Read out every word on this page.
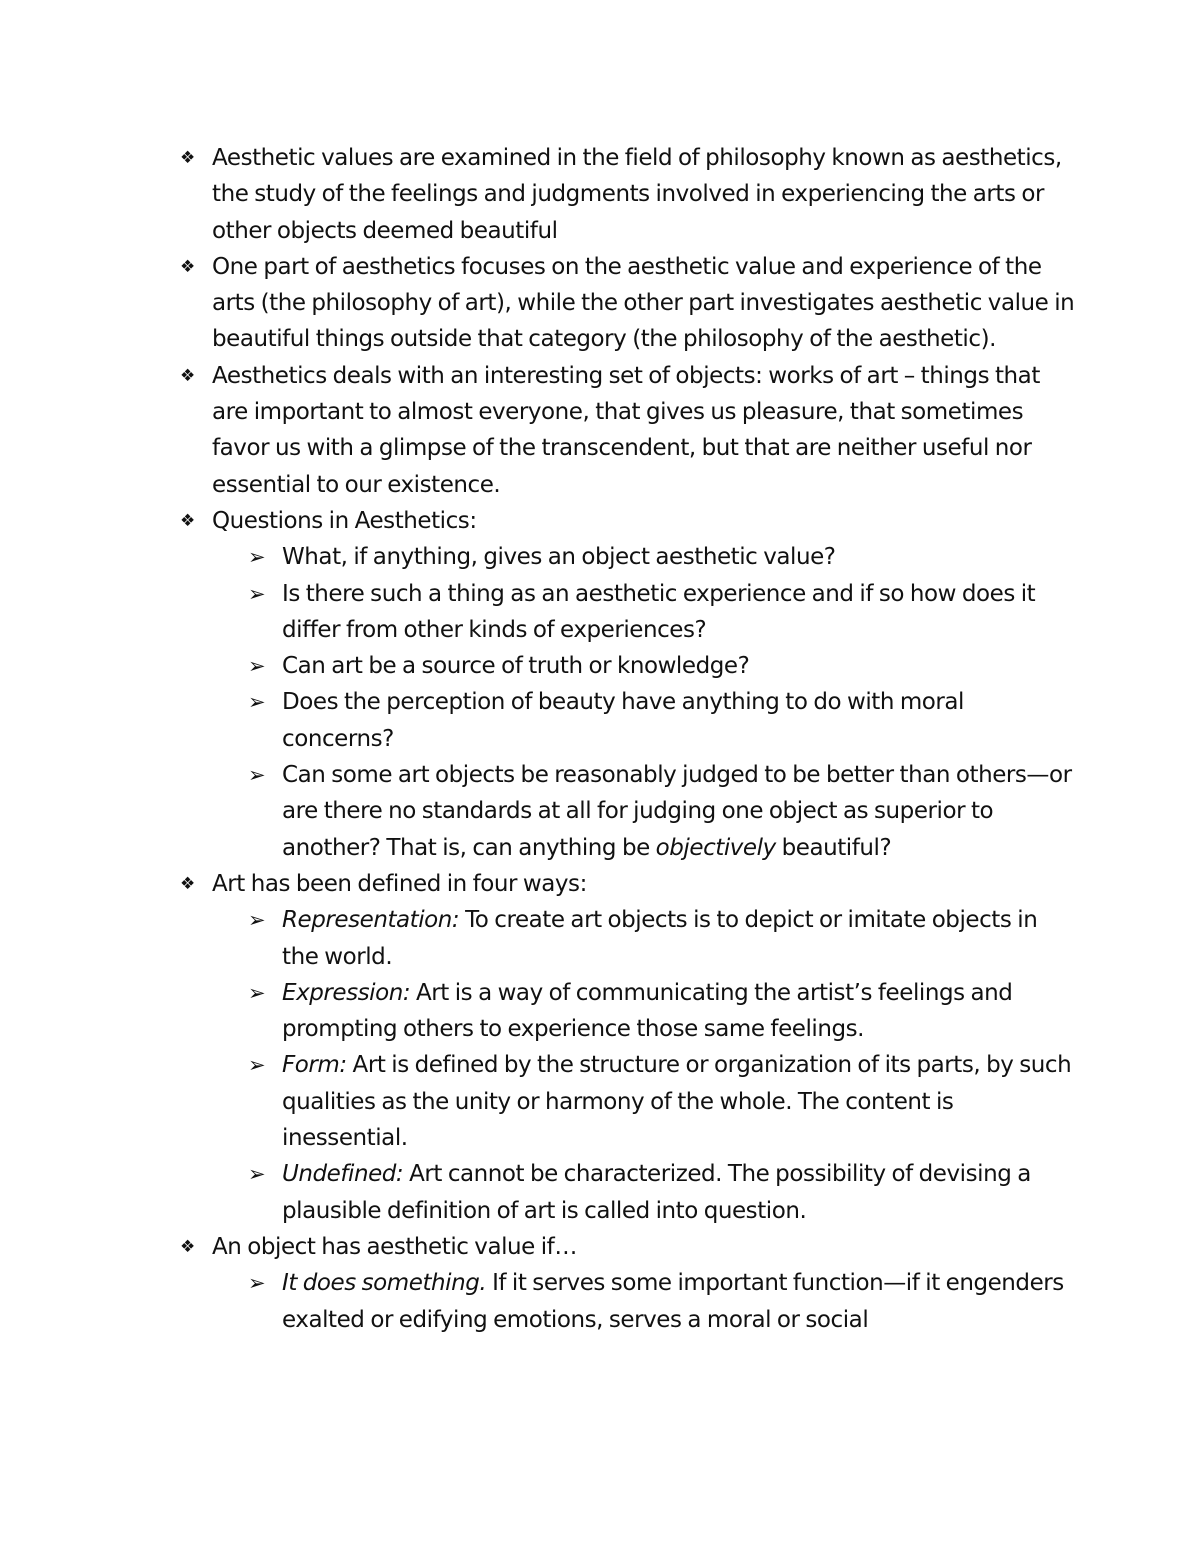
❖ Aesthetic values are examined in the field of philosophy known as aesthetics, the study of the feelings and judgments involved in experiencing the arts or other objects deemed beautiful
❖ One part of aesthetics focuses on the aesthetic value and experience of the arts (the philosophy of art), while the other part investigates aesthetic value in beautiful things outside that category (the philosophy of the aesthetic).
❖ Aesthetics deals with an interesting set of objects: works of art – things that are important to almost everyone, that gives us pleasure, that sometimes favor us with a glimpse of the transcendent, but that are neither useful nor essential to our existence.
❖ Questions in Aesthetics:
➢ What, if anything, gives an object aesthetic value?
➢ Is there such a thing as an aesthetic experience and if so how does it differ from other kinds of experiences?
➢ Can art be a source of truth or knowledge?
➢ Does the perception of beauty have anything to do with moral concerns?
➢ Can some art objects be reasonably judged to be better than others—or are there no standards at all for judging one object as superior to another? That is, can anything be objectively beautiful?
❖ Art has been defined in four ways:
➢ Representation: To create art objects is to depict or imitate objects in the world.
➢ Expression: Art is a way of communicating the artist’s feelings and prompting others to experience those same feelings.
➢ Form: Art is defined by the structure or organization of its parts, by such qualities as the unity or harmony of the whole. The content is inessential.
➢ Undefined: Art cannot be characterized. The possibility of devising a plausible definition of art is called into question.
❖ An object has aesthetic value if…
➢ It does something. If it serves some important function—if it engenders exalted or edifying emotions, serves a moral or social
